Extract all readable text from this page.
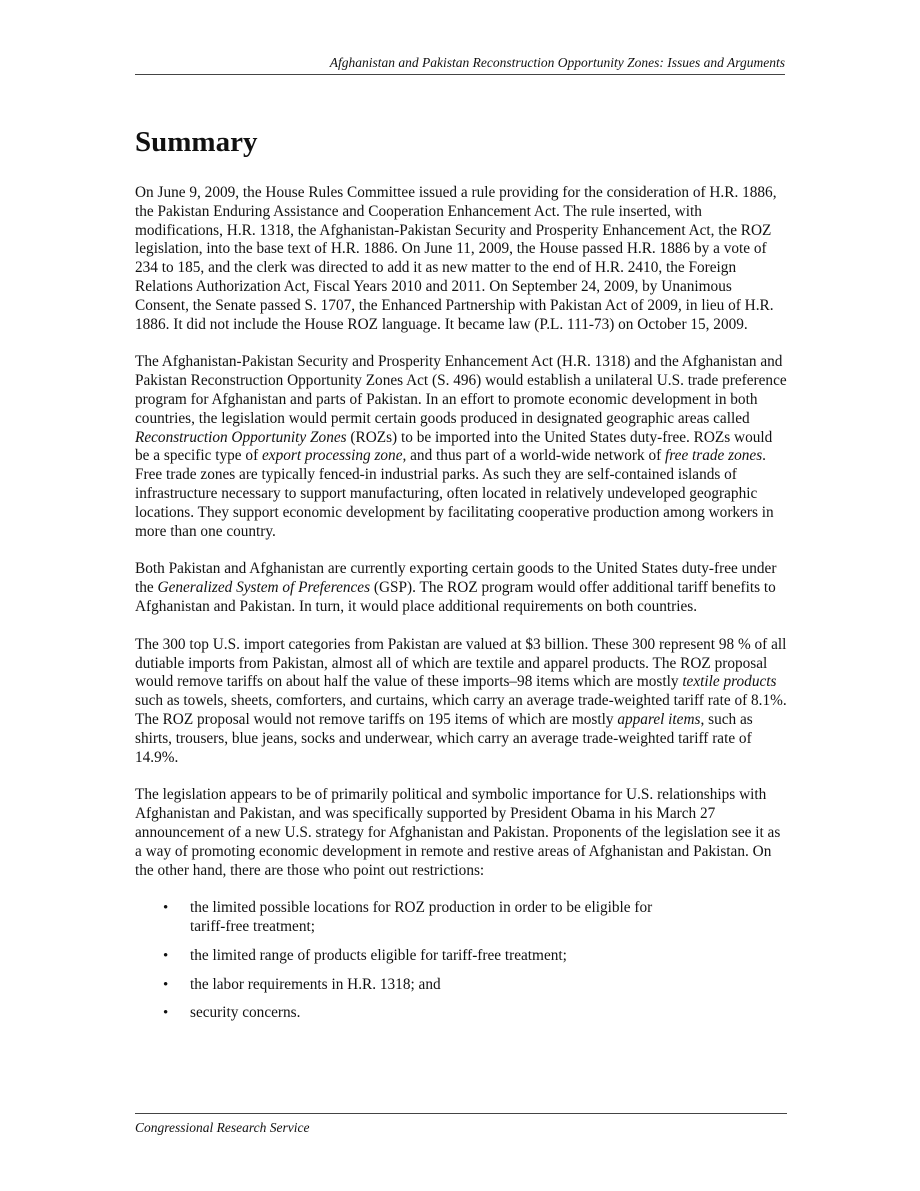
Afghanistan and Pakistan Reconstruction Opportunity Zones: Issues and Arguments
Summary

On June 9, 2009, the House Rules Committee issued a rule providing for the consideration of H.R. 1886, the Pakistan Enduring Assistance and Cooperation Enhancement Act. The rule inserted, with modifications, H.R. 1318, the Afghanistan-Pakistan Security and Prosperity Enhancement Act, the ROZ legislation, into the base text of H.R. 1886. On June 11, 2009, the House passed H.R. 1886 by a vote of 234 to 185, and the clerk was directed to add it as new matter to the end of H.R. 2410, the Foreign Relations Authorization Act, Fiscal Years 2010 and 2011. On September 24, 2009, by Unanimous Consent, the Senate passed S. 1707, the Enhanced Partnership with Pakistan Act of 2009, in lieu of H.R. 1886. It did not include the House ROZ language. It became law (P.L. 111-73) on October 15, 2009.

The Afghanistan-Pakistan Security and Prosperity Enhancement Act (H.R. 1318) and the Afghanistan and Pakistan Reconstruction Opportunity Zones Act (S. 496) would establish a unilateral U.S. trade preference program for Afghanistan and parts of Pakistan. In an effort to promote economic development in both countries, the legislation would permit certain goods produced in designated geographic areas called Reconstruction Opportunity Zones (ROZs) to be imported into the United States duty-free. ROZs would be a specific type of export processing zone, and thus part of a world-wide network of free trade zones. Free trade zones are typically fenced-in industrial parks. As such they are self-contained islands of infrastructure necessary to support manufacturing, often located in relatively undeveloped geographic locations. They support economic development by facilitating cooperative production among workers in more than one country.

Both Pakistan and Afghanistan are currently exporting certain goods to the United States duty-free under the Generalized System of Preferences (GSP). The ROZ program would offer additional tariff benefits to Afghanistan and Pakistan. In turn, it would place additional requirements on both countries.

The 300 top U.S. import categories from Pakistan are valued at $3 billion. These 300 represent 98 % of all dutiable imports from Pakistan, almost all of which are textile and apparel products. The ROZ proposal would remove tariffs on about half the value of these imports–98 items which are mostly textile products such as towels, sheets, comforters, and curtains, which carry an average trade-weighted tariff rate of 8.1%. The ROZ proposal would not remove tariffs on 195 items of which are mostly apparel items, such as shirts, trousers, blue jeans, socks and underwear, which carry an average trade-weighted tariff rate of 14.9%.

The legislation appears to be of primarily political and symbolic importance for U.S. relationships with Afghanistan and Pakistan, and was specifically supported by President Obama in his March 27 announcement of a new U.S. strategy for Afghanistan and Pakistan. Proponents of the legislation see it as a way of promoting economic development in remote and restive areas of Afghanistan and Pakistan. On the other hand, there are those who point out restrictions:

• the limited possible locations for ROZ production in order to be eligible for tariff-free treatment;
• the limited range of products eligible for tariff-free treatment;
• the labor requirements in H.R. 1318; and
• security concerns.
Congressional Research Service
